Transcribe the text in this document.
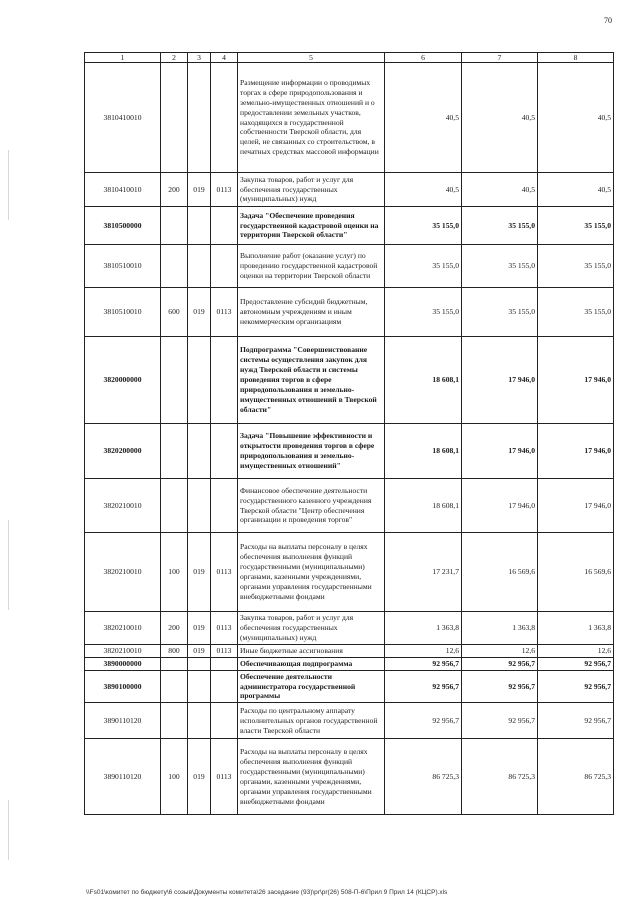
70
1	2	3	4	5	6	7	8
3810410010				Размещение информации о проводимых торгах в сфере природопользования и земельно-имущественных отношений и о предоставлении земельных участков, находящихся в государственной собственности Тверской области, для целей, не связанных со строительством, в печатных средствах массовой информации	40,5	40,5	40,5
3810410010	200	019	0113	Закупка товаров, работ и услуг для обеспечения государственных (муниципальных) нужд	40,5	40,5	40,5
3810500000				Задача "Обеспечение проведения государственной кадастровой оценки на территории Тверской области"	35 155,0	35 155,0	35 155,0
3810510010				Выполнение работ (оказание услуг) по проведению государственной кадастровой оценки на территории Тверской области	35 155,0	35 155,0	35 155,0
3810510010	600	019	0113	Предоставление субсидий бюджетным, автономным учреждениям и иным некоммерческим организациям	35 155,0	35 155,0	35 155,0
3820000000				Подпрограмма "Совершенствование системы осуществления закупок для нужд Тверской области и системы проведения торгов в сфере природопользования и земельно-имущественных отношений в Тверской области"	18 608,1	17 946,0	17 946,0
3820200000				Задача "Повышение эффективности и открытости проведения торгов в сфере природопользования и земельно-имущественных отношений"	18 608,1	17 946,0	17 946,0
3820210010				Финансовое обеспечение деятельности государственного казенного учреждения Тверской области "Центр обеспечения организации и проведения торгов"	18 608,1	17 946,0	17 946,0
3820210010	100	019	0113	Расходы на выплаты персоналу в целях обеспечения выполнения функций государственными (муниципальными) органами, казенными учреждениями, органами управления государственными внебюджетными фондами	17 231,7	16 569,6	16 569,6
3820210010	200	019	0113	Закупка товаров, работ и услуг для обеспечения государственных (муниципальных) нужд	1 363,8	1 363,8	1 363,8
3820210010	800	019	0113	Иные бюджетные ассигнования	12,6	12,6	12,6
3890000000				Обеспечивающая подпрограмма	92 956,7	92 956,7	92 956,7
3890100000				Обеспечение деятельности администратора государственной программы	92 956,7	92 956,7	92 956,7
3890110120				Расходы по центральному аппарату исполнительных органов государственной власти Тверской области	92 956,7	92 956,7	92 956,7
3890110120	100	019	0113	Расходы на выплаты персоналу в целях обеспечения выполнения функций государственными (муниципальными) органами, казенными учреждениями, органами управления государственными внебюджетными фондами	86 725,3	86 725,3	86 725,3
\\Fs01\комитет по бюджету\6 созыв\Документы комитета\26 заседание (93)\pr\pr(26) 508-П-6\Прил 9 Прил 14 (КЦСР).xls
